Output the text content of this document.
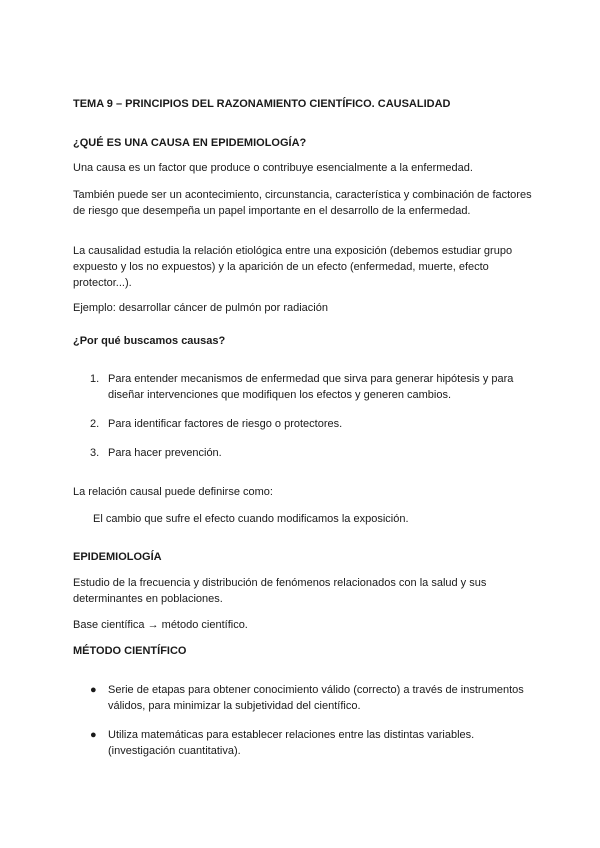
TEMA 9 – PRINCIPIOS DEL RAZONAMIENTO CIENTÍFICO. CAUSALIDAD

¿QUÉ ES UNA CAUSA EN EPIDEMIOLOGÍA?

Una causa es un factor que produce o contribuye esencialmente a la enfermedad.

También puede ser un acontecimiento, circunstancia, característica y combinación de factores de riesgo que desempeña un papel importante en el desarrollo de la enfermedad.

La causalidad estudia la relación etiológica entre una exposición (debemos estudiar grupo expuesto y los no expuestos) y la aparición de un efecto (enfermedad, muerte, efecto protector...).

Ejemplo: desarrollar cáncer de pulmón por radiación

¿Por qué buscamos causas?

1. Para entender mecanismos de enfermedad que sirva para generar hipótesis y para diseñar intervenciones que modifiquen los efectos y generen cambios.
2. Para identificar factores de riesgo o protectores.
3. Para hacer prevención.

La relación causal puede definirse como:

El cambio que sufre el efecto cuando modificamos la exposición.

EPIDEMIOLOGÍA

Estudio de la frecuencia y distribución de fenómenos relacionados con la salud y sus determinantes en poblaciones.

Base científica → método científico.

MÉTODO CIENTÍFICO

● Serie de etapas para obtener conocimiento válido (correcto) a través de instrumentos válidos, para minimizar la subjetividad del científico.
● Utiliza matemáticas para establecer relaciones entre las distintas variables. (investigación cuantitativa).
